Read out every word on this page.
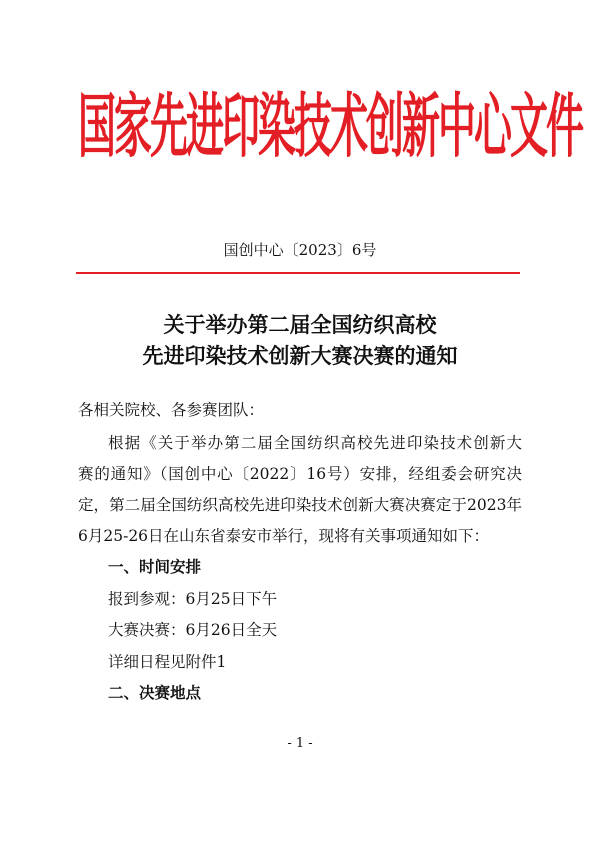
国家先进印染技术创新中心文件
国创中心〔2023〕6号
关于举办第二届全国纺织高校
先进印染技术创新大赛决赛的通知
各相关院校、各参赛团队：
根据《关于举办第二届全国纺织高校先进印染技术创新大
赛的通知》（国创中心〔2022〕16号）安排，经组委会研究决
定，第二届全国纺织高校先进印染技术创新大赛决赛定于2023年
6月25-26日在山东省泰安市举行，现将有关事项通知如下：
一、时间安排
报到参观：6月25日下午
大赛决赛：6月26日全天
详细日程见附件1
二、决赛地点
- 1 -
